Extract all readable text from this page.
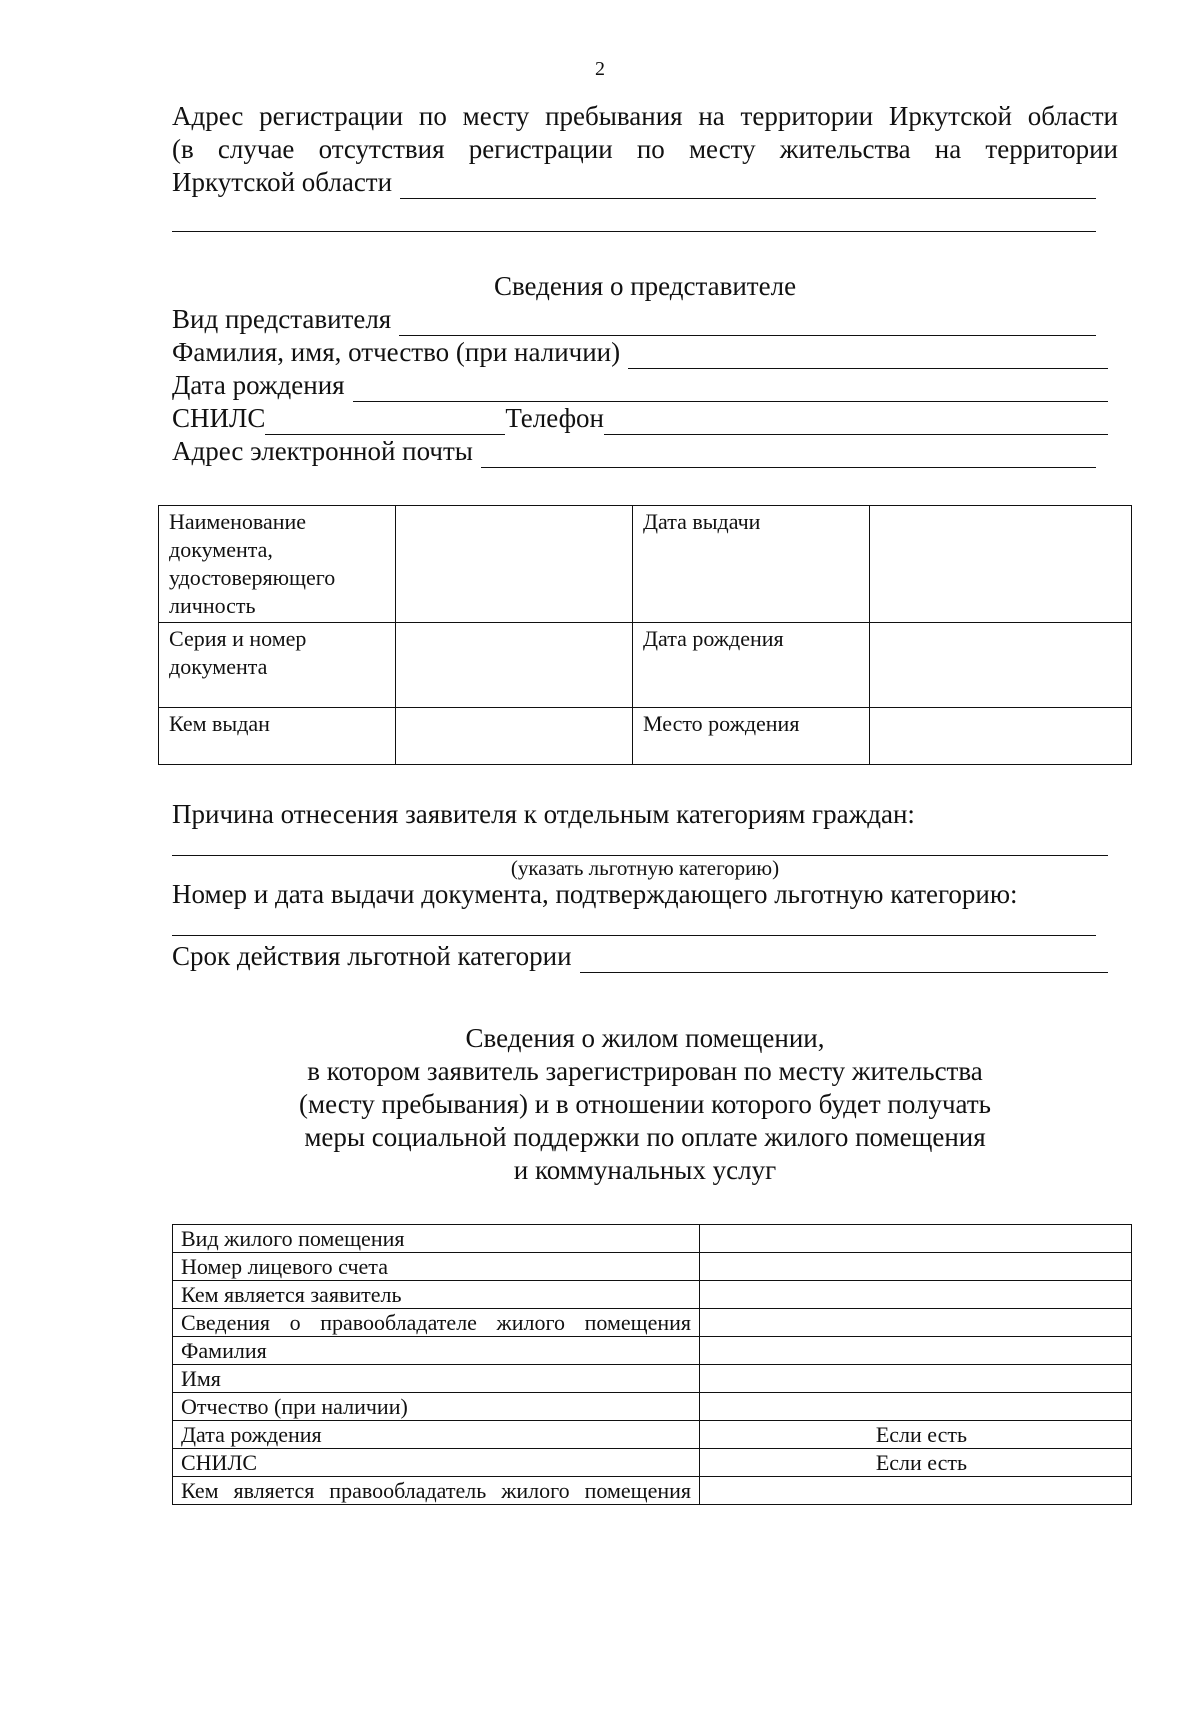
2
Адрес регистрации по месту пребывания на территории Иркутской области
(в случае отсутствия регистрации по месту жительства на территории
Иркутской области
Сведения о представителе
Вид представителя
Фамилия, имя, отчество (при наличии)
Дата рождения
СНИЛС	Телефон
Адрес электронной почты
Наименование документа, удостоверяющего личность		Дата выдачи	
Серия и номер документа		Дата рождения	
Кем выдан		Место рождения	
Причина отнесения заявителя к отдельным категориям граждан:
(указать льготную категорию)
Номер и дата выдачи документа, подтверждающего льготную категорию:
Срок действия льготной категории
Сведения о жилом помещении,
в котором заявитель зарегистрирован по месту жительства
(месту пребывания) и в отношении которого будет получать
меры социальной поддержки по оплате жилого помещения
и коммунальных услуг
Вид жилого помещения	
Номер лицевого счета	
Кем является заявитель	
Сведения о правообладателе жилого помещения	
Фамилия	
Имя	
Отчество (при наличии)	
Дата рождения	Если есть
СНИЛС	Если есть
Кем является правообладатель жилого помещения	
